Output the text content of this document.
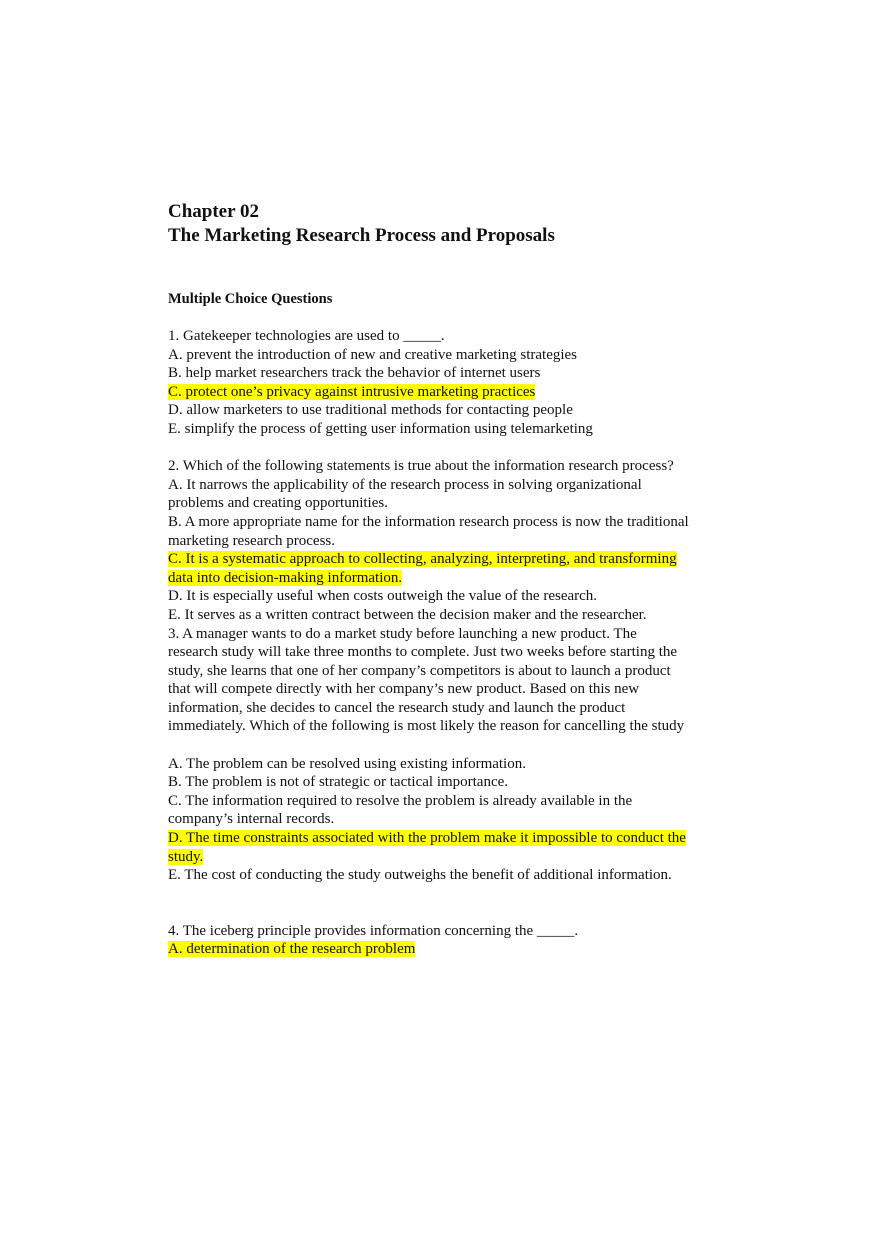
Chapter 02
The Marketing Research Process and Proposals
Multiple Choice Questions
1. Gatekeeper technologies are used to _____.
A. prevent the introduction of new and creative marketing strategies
B. help market researchers track the behavior of internet users
C. protect one’s privacy against intrusive marketing practices
D. allow marketers to use traditional methods for contacting people
E. simplify the process of getting user information using telemarketing
2. Which of the following statements is true about the information research process?
A. It narrows the applicability of the research process in solving organizational
problems and creating opportunities.
B. A more appropriate name for the information research process is now the traditional
marketing research process.
C. It is a systematic approach to collecting, analyzing, interpreting, and transforming
data into decision-making information.
D. It is especially useful when costs outweigh the value of the research.
E. It serves as a written contract between the decision maker and the researcher.
3. A manager wants to do a market study before launching a new product. The
research study will take three months to complete. Just two weeks before starting the
study, she learns that one of her company’s competitors is about to launch a product
that will compete directly with her company’s new product. Based on this new
information, she decides to cancel the research study and launch the product
immediately. Which of the following is most likely the reason for cancelling the study
A. The problem can be resolved using existing information.
B. The problem is not of strategic or tactical importance.
C. The information required to resolve the problem is already available in the
company’s internal records.
D. The time constraints associated with the problem make it impossible to conduct the
study.
E. The cost of conducting the study outweighs the benefit of additional information.
4. The iceberg principle provides information concerning the _____.
A. determination of the research problem
